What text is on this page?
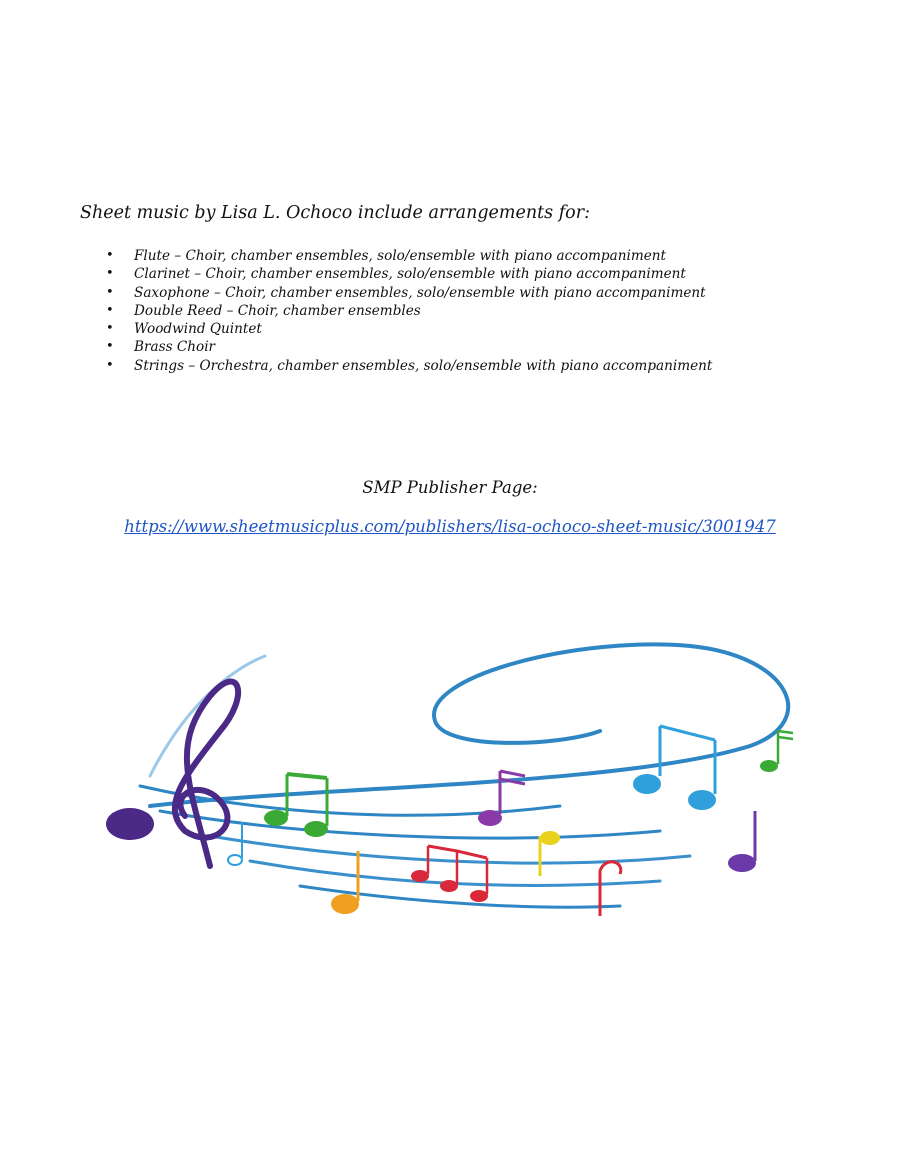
Sheet music by Lisa L. Ochoco include arrangements for:
• Flute – Choir, chamber ensembles, solo/ensemble with piano accompaniment
• Clarinet – Choir, chamber ensembles, solo/ensemble with piano accompaniment
• Saxophone – Choir, chamber ensembles, solo/ensemble with piano accompaniment
• Double Reed – Choir, chamber ensembles
• Woodwind Quintet
• Brass Choir
• Strings – Orchestra, chamber ensembles, solo/ensemble with piano accompaniment
SMP Publisher Page:
https://www.sheetmusicplus.com/publishers/lisa-ochoco-sheet-music/3001947
